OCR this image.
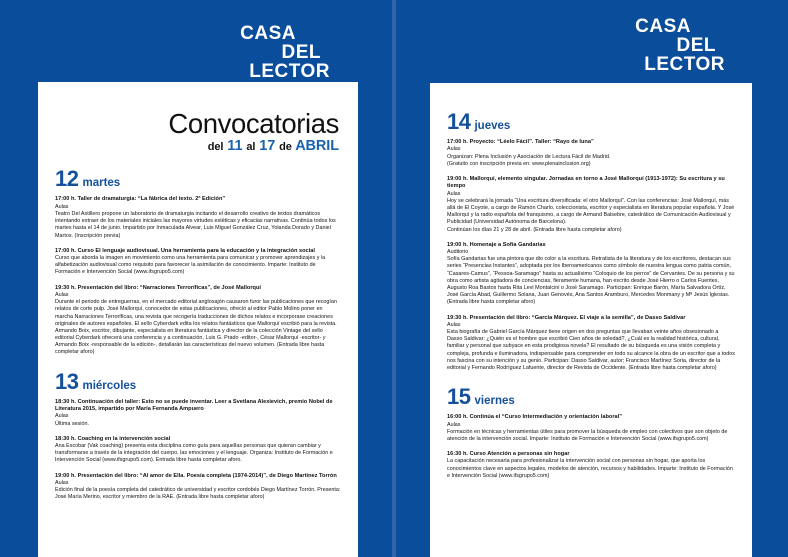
CASA
DEL
LECTOR
CASA
DEL
LECTOR
Convocatorias
del 11 al 17 de ABRIL
12 martes
17:00 h. Taller de dramaturgia: “La fábrica del texto. 2ª Edición”
Aulas
Teatro Del Astillero propone un laboratorio de dramaturgia incitando el desarrollo creativo de textos dramáticos intentando extraer de los materiales iniciales las mayores virtudes estéticas y eficacias narrativas. Continúa todos los martes hasta el 14 de junio. Impartido por Inmaculada Alvear, Luis Miguel González Cruz, Yolanda Dorado y Daniel Martos. (Inscripción previa)
17:00 h. Curso El lenguaje audiovisual. Una herramienta para la educación y la integración social
Curso que aborda la imagen en movimiento como una herramienta para comunicar y promover aprendizajes y la alfabetización audiovisual como requisito para favorecer la asimilación de conocimiento. Imparte: Instituto de Formación e Intervención Social (www.ifsgrupo5.com)
19:30 h. Presentación del libro: “Narraciones Terroríficas”, de José Mallorquí
Aulas
Durante el periodo de entreguerras, en el mercado editorial anglosajón causaron furor las publicaciones que recogían relatos de corte pulp. José Mallorquí, conocedor de estas publicaciones, ofreció al editor Pablo Molino poner en marcha Narraciones Terroríficas, una revista que recogería traducciones de dichos relatos e incorporase creaciones originales de autores españoles. El sello Cyberdark edita los relatos fantásticos que Mallorquí escribió para la revista. Armando Boix, escritor, dibujante, especialista en literatura fantástica y director de la colección Vintage del sello editorial Cyberdark ofrecerá una conferencia y a continuación, Luis G. Prado -editor-, César Mallorquí -escritor- y Armando Boix -responsable de la edición-, detallarán las características del nuevo volumen. (Entrada libre hasta completar aforo)
13 miércoles
18:30 h. Continuación del taller: Esto no se puede inventar. Leer a Svetlana Alexievich, premio Nobel de Literatura 2015, impartido por María Fernanda Ampuero
Aulas
Última sesión.
18:30 h. Coaching en la intervención social
Ana Escobar (Vak coaching) presenta esta disciplina como guía para aquellas personas que quieran cambiar y transformarse a través de la integración del cuerpo, las emociones y el lenguaje. Organiza: Instituto de Formación e Intervención Social (www.ifsgrupo5.com). Entrada libre hasta completar aforo.
19:00 h. Presentación del libro: “Al amor de Ella. Poesía completa (1974-2014)”, de Diego Martínez Torrón
Aulas
Edición final de la poesía completa del catedrático de universidad y escritor cordobés Diego Martínez Torrón. Presenta: José María Merino, escritor y miembro de la RAE. (Entrada libre hasta completar aforo)
14 jueves
17:00 h. Proyecto: “Léelo Fácil”. Taller: “Rayo de luna”
Aulas
Organizan: Plena Inclusión y Asociación de Lectura Fácil de Madrid.
(Gratuito con inscripción previa en: www.plenainclusion.org)
19:00 h. Mallorquí, elemento singular. Jornadas en torno a José Mallorquí (1913-1972): Su escritura y su tiempo
Aulas
Hoy se celebrará la jornada “Una escritura diversificada: el otro Mallorquí”. Con las conferencias: José Mallorquí, más allá de El Coyote, a cargo de Ramón Charlo, coleccionista, escritor y especialista en literatura popular española. Y José Mallorquí y la radio española del franquismo, a cargo de Armand Balsebre, catedrático de Comunicación Audiovisual y Publicidad (Universidad Autónoma de Barcelona).
Continúan los días 21 y 28 de abril. (Entrada libre hasta completar aforo)
19:00 h. Homenaje a Sofía Gandarias
Auditorio
Sofía Gandarias fue una pintora que dio color a la escritura. Retratista de la literatura y de los escritores, destacan sus series “Presencias Instantes”, adoptada por los Iberoamericanos como símbolo de nuestra lengua como patria común, “Casares-Camus”, “Pessoa-Saramago” hasta su actualísimo “Coloquio de los perros” de Cervantes. De su persona y su obra como artista agitadora de conciencias, fieramente humana, han escrito desde José Hierro o Carlos Fuentes, Augusto Roa Bastos hasta Rita Levi Montalcini o José Saramago. Participan: Enrique Barón, María Salvadora Ortíz, José García Abad, Guillermo Solana, Juan Genovés, Ana Santos Aramburo, Mercedes Monmany y Mª Jesús Iglesias. (Entrada libre hasta completar aforo)
19:30 h. Presentación del libro: “García Márquez. El viaje a la semilla”, de Dasso Saldivar
Aulas
Esta biografía de Gabriel García Márquez tiene origen en dos preguntas que llevaban veinte años obsesionado a Dasso Saldivar: ¿Quién es el hombre que escribió Cien años de soledad?, ¿Cuál es la realidad histórica, cultural, familiar y personal que subyace en esta prodigiosa novela? El resultado de su búsqueda es una visión completa y compleja, profunda e iluminadora, indispensable para comprender en todo su alcance la obra de un escritor que a todos nos fascina con su intención y su genio. Participan: Dasso Saldivar, autor; Francisco Martínez Soria, director de la editorial y Fernando Rodríguez Lafuente, director de Revista de Occidente. (Entrada libre hasta completar aforo)
15 viernes
16:00 h. Continúa el “Curso Intermediación y orientación laboral”
Aulas
Formación en técnicas y herramientas útiles para promover la búsqueda de empleo con colectivos que son objeto de atención de la intervención social. Imparte: Instituto de Formación e Intervención Social (www.ifsgrupo5.com)
16:30 h. Curso Atención a personas sin hogar
La capacitación necesaria para profesionalizar la intervención social con personas sin hogar, que aporta los conocimientos clave en aspectos legales, modelos de atención, recursos y habilidades. Imparte: Instituto de Formación e Intervención Social (www.ifsgrupo5.com)
